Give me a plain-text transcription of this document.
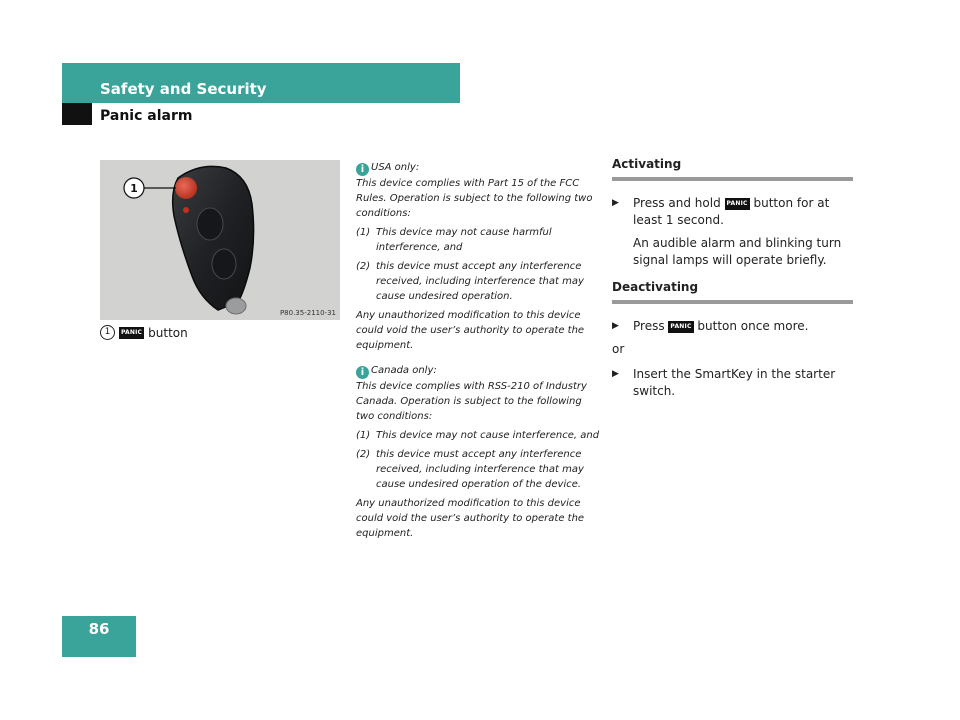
Safety and Security
Panic alarm
1
P80.35-2110-31
1	PANIC button

i USA only:

This device complies with Part 15 of the FCC Rules. Operation is subject to the following two conditions:

(1) This device may not cause harmful interference, and
(2) this device must accept any interference received, including interference that may cause undesired operation.

Any unauthorized modification to this device could void the user’s authority to operate the equipment.

i Canada only:

This device complies with RSS-210 of Industry Canada. Operation is subject to the following two conditions:

(1) This device may not cause interference, and
(2) this device must accept any interference received, including interference that may cause undesired operation of the device.

Any unauthorized modification to this device could void the user’s authority to operate the equipment.

Activating
▶	Press and hold PANIC button for at least 1 second.
An audible alarm and blinking turn signal lamps will operate briefly.
Deactivating
▶	Press PANIC button once more.
or
▶	Insert the SmartKey in the starter switch.
86
